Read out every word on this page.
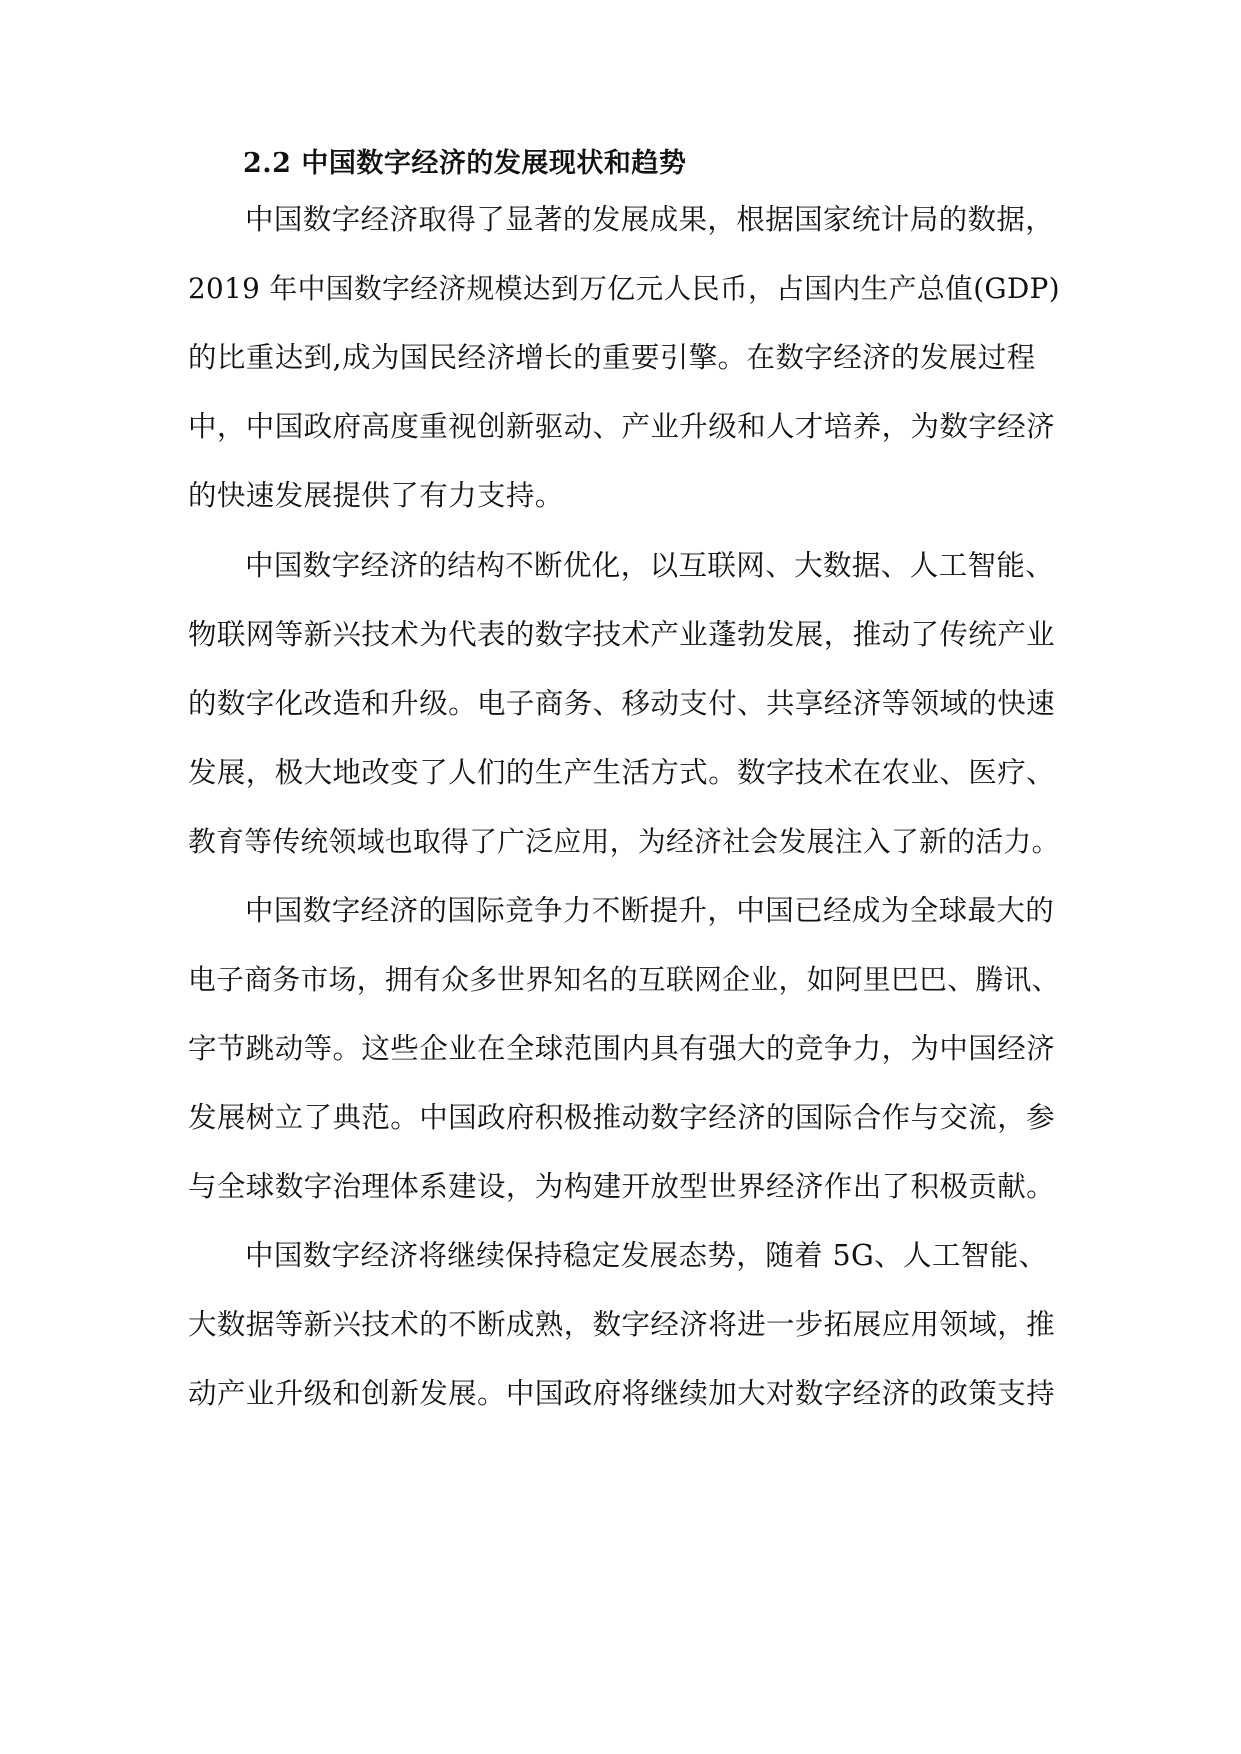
2.2 中国数字经济的发展现状和趋势
中国数字经济取得了显著的发展成果，根据国家统计局的数据，
2019 年中国数字经济规模达到万亿元人民币，占国内生产总值(GDP)
的比重达到,成为国民经济增长的重要引擎。在数字经济的发展过程
中，中国政府高度重视创新驱动、产业升级和人才培养，为数字经济
的快速发展提供了有力支持。
中国数字经济的结构不断优化，以互联网、大数据、人工智能、
物联网等新兴技术为代表的数字技术产业蓬勃发展，推动了传统产业
的数字化改造和升级。电子商务、移动支付、共享经济等领域的快速
发展，极大地改变了人们的生产生活方式。数字技术在农业、医疗、
教育等传统领域也取得了广泛应用，为经济社会发展注入了新的活力。
中国数字经济的国际竞争力不断提升，中国已经成为全球最大的
电子商务市场，拥有众多世界知名的互联网企业，如阿里巴巴、腾讯、
字节跳动等。这些企业在全球范围内具有强大的竞争力，为中国经济
发展树立了典范。中国政府积极推动数字经济的国际合作与交流，参
与全球数字治理体系建设，为构建开放型世界经济作出了积极贡献。
中国数字经济将继续保持稳定发展态势，随着 5G、人工智能、
大数据等新兴技术的不断成熟，数字经济将进一步拓展应用领域，推
动产业升级和创新发展。中国政府将继续加大对数字经济的政策支持
